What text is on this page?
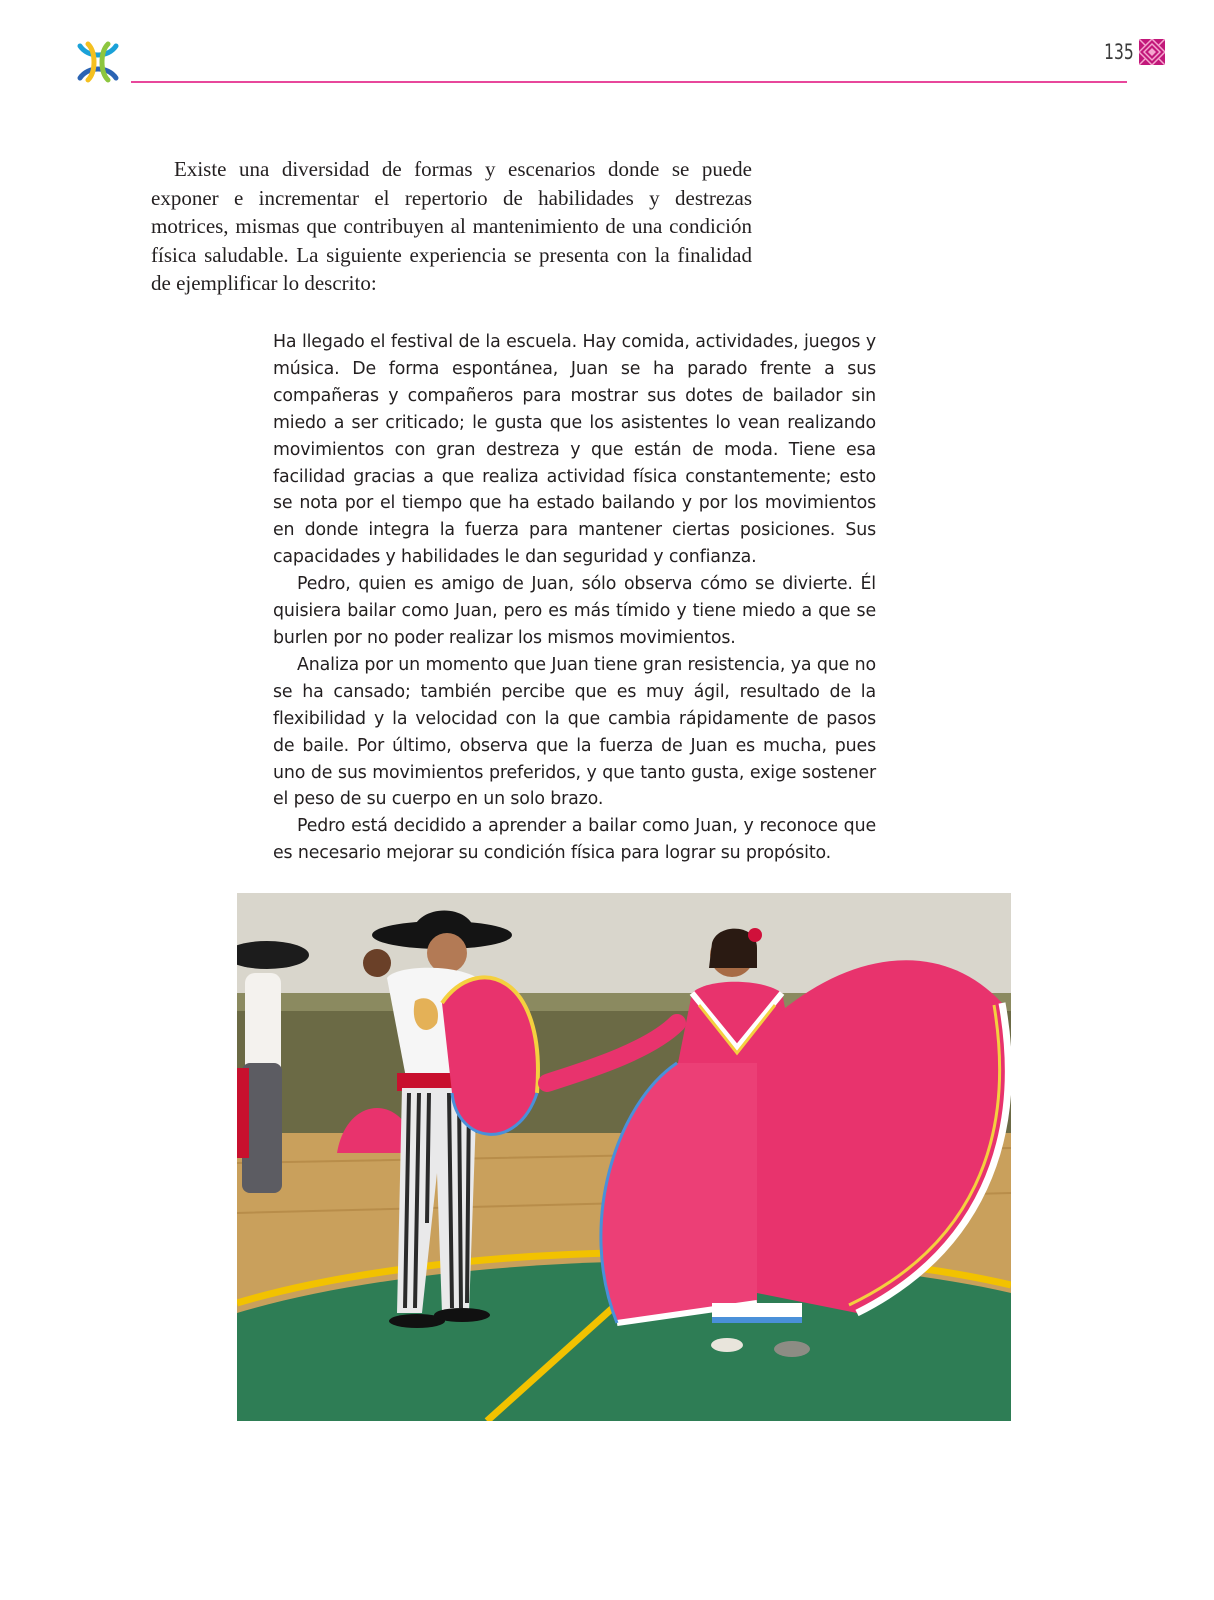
135

Existe una diversidad de formas y escenarios donde se puede exponer e incrementar el repertorio de habilidades y destrezas motrices, mismas que contribuyen al mantenimiento de una condición física saludable. La siguiente experiencia se presenta con la finalidad de ejemplificar lo descrito:

Ha llegado el festival de la escuela. Hay comida, actividades, juegos y música. De forma espontánea, Juan se ha parado frente a sus compañeras y compañeros para mostrar sus dotes de bailador sin miedo a ser criticado; le gusta que los asistentes lo vean realizando movimientos con gran destreza y que están de moda. Tiene esa facilidad gracias a que realiza actividad física constantemente; esto se nota por el tiempo que ha estado bailando y por los movimientos en donde integra la fuerza para mantener ciertas posiciones. Sus capacidades y habilidades le dan seguridad y confianza.

Pedro, quien es amigo de Juan, sólo observa cómo se divierte. Él quisiera bailar como Juan, pero es más tímido y tiene miedo a que se burlen por no poder realizar los mismos movimientos.

Analiza por un momento que Juan tiene gran resistencia, ya que no se ha cansado; también percibe que es muy ágil, resultado de la flexibilidad y la velocidad con la que cambia rápidamente de pasos de baile. Por último, observa que la fuerza de Juan es mucha, pues uno de sus movimientos preferidos, y que tanto gusta, exige sostener el peso de su cuerpo en un solo brazo.

Pedro está decidido a aprender a bailar como Juan, y reconoce que es necesario mejorar su condición física para lograr su propósito.
